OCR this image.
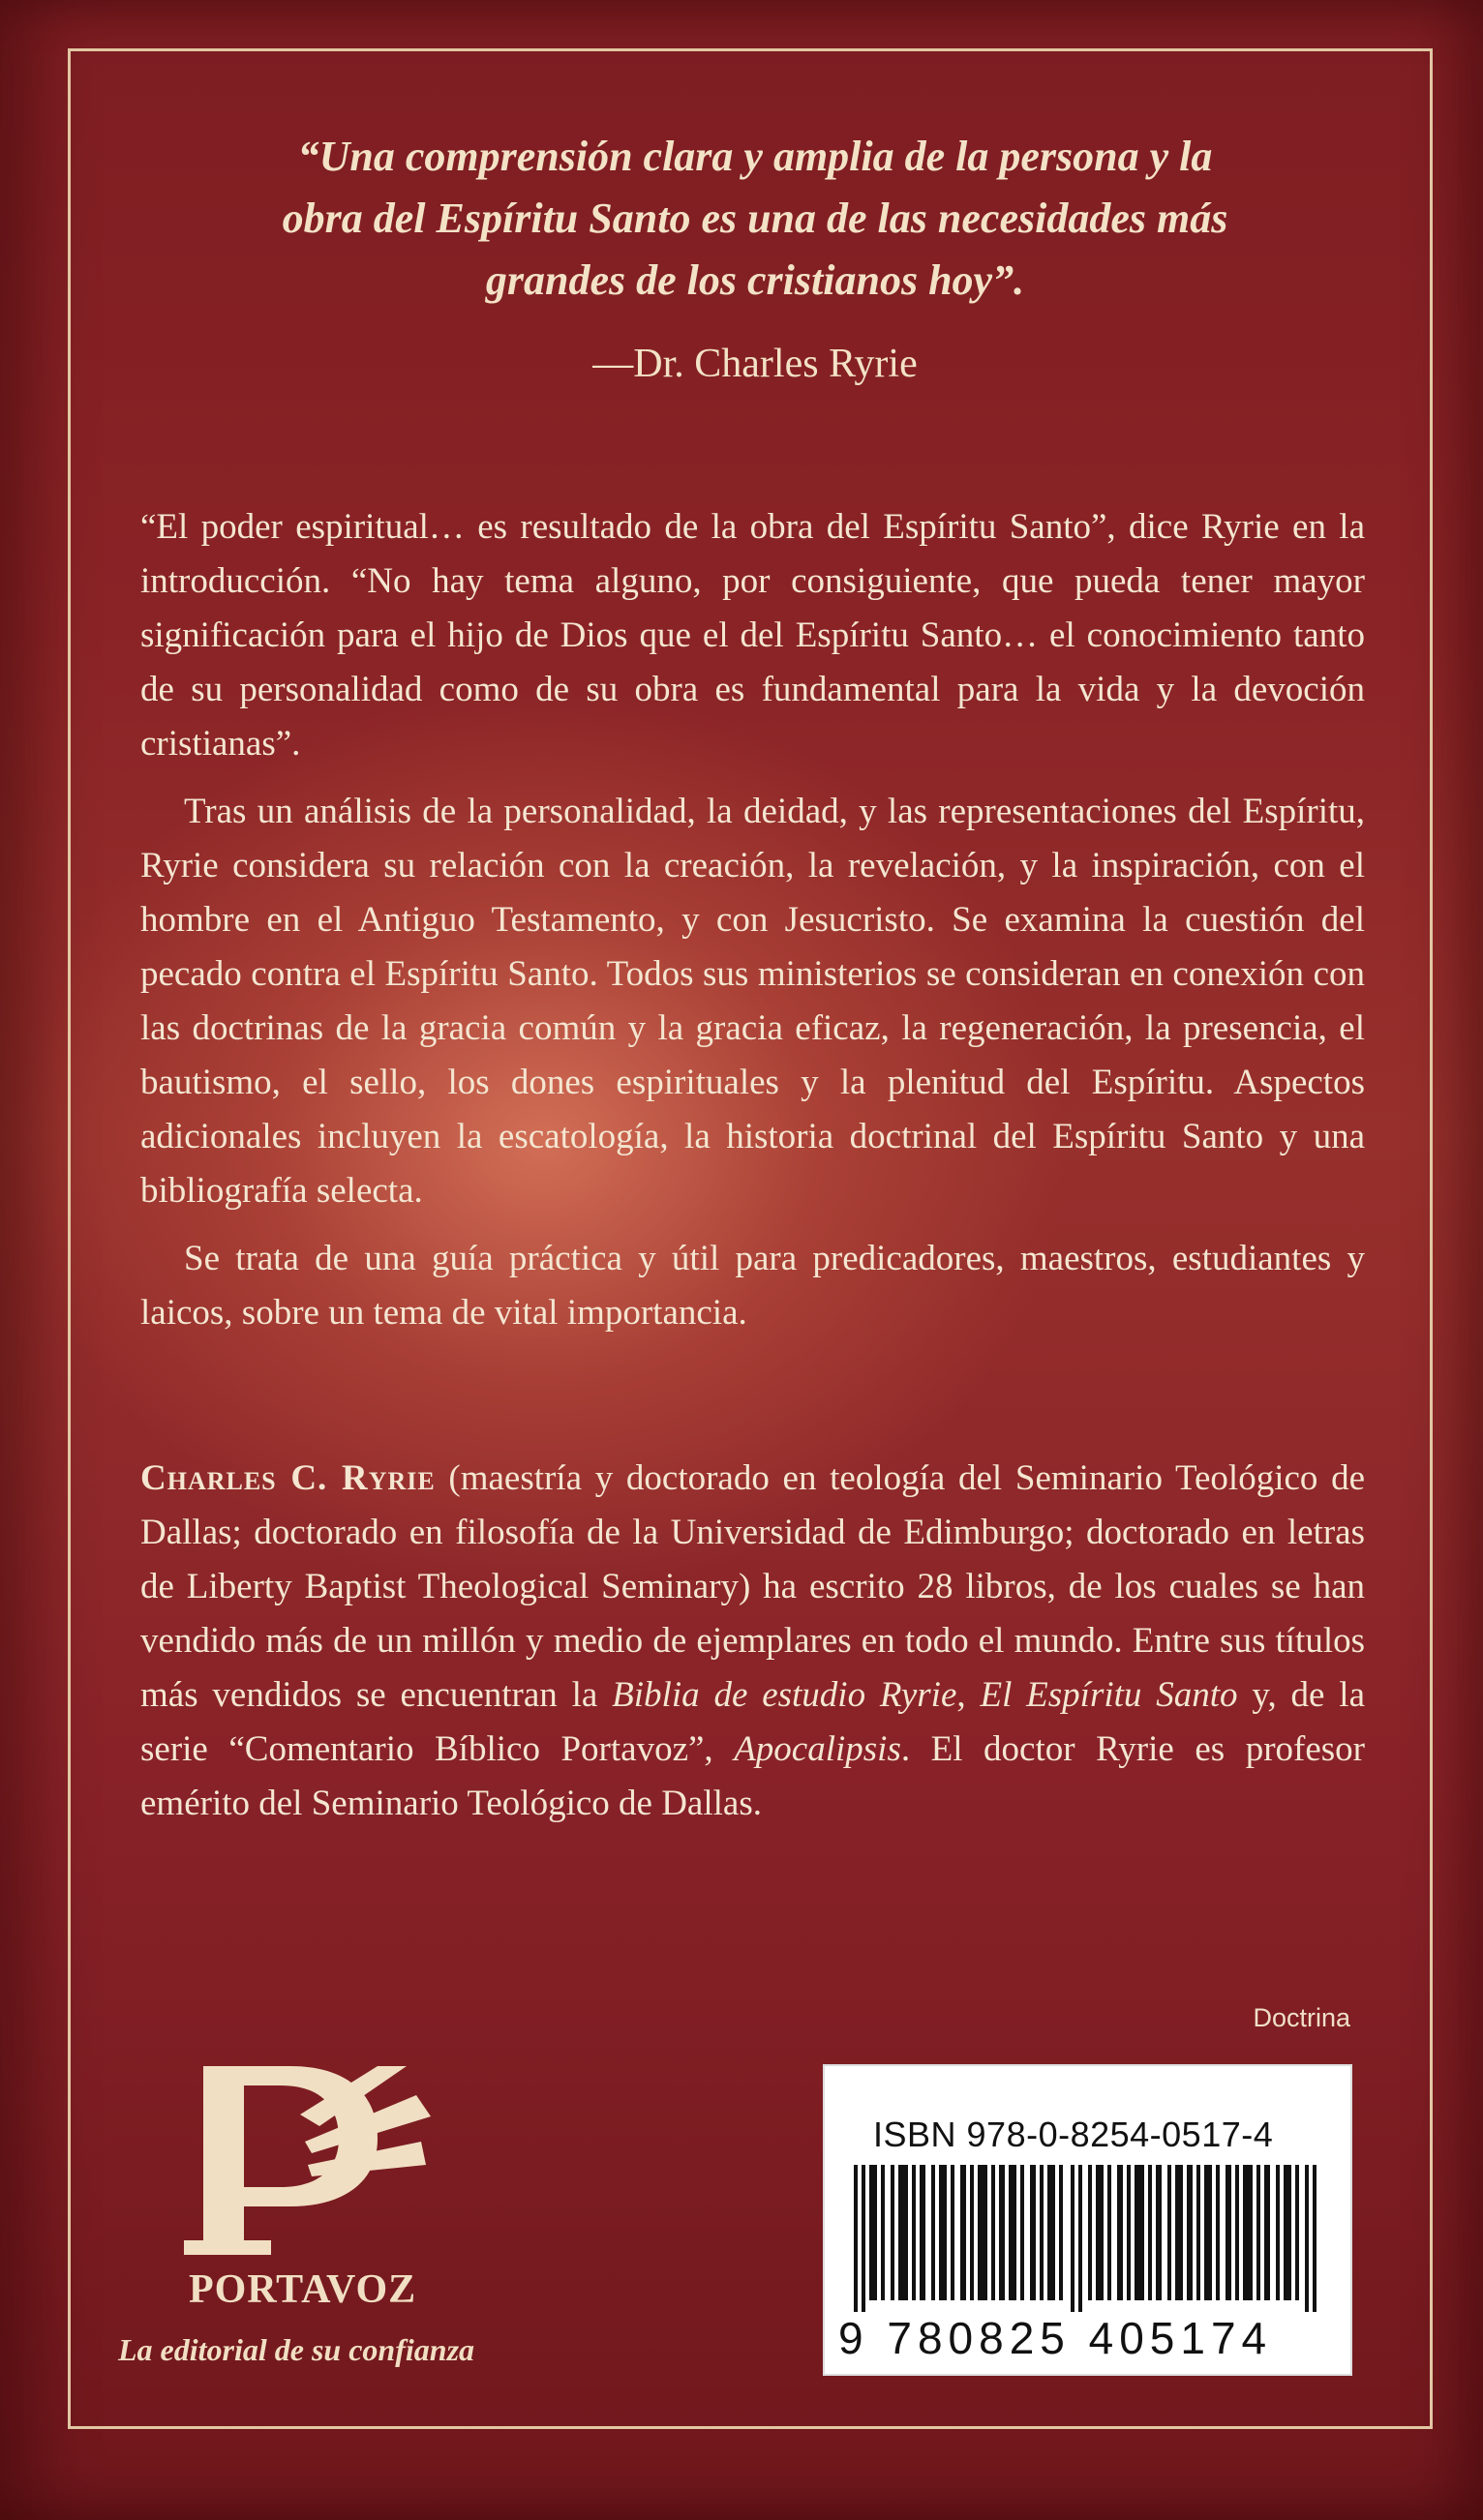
“Una comprensión clara y amplia de la persona y la
obra del Espíritu Santo es una de las necesidades más
grandes de los cristianos hoy”.

—Dr. Charles Ryrie

“El poder espiritual… es resultado de la obra del Espíritu Santo”, dice Ryrie en la introducción. “No hay tema alguno, por consiguiente, que pueda tener mayor significación para el hijo de Dios que el del Espíritu Santo… el conocimiento tanto de su personalidad como de su obra es fundamental para la vida y la devoción cristianas”.

Tras un análisis de la personalidad, la deidad, y las representaciones del Espíritu, Ryrie considera su relación con la creación, la revelación, y la inspiración, con el hombre en el Antiguo Testamento, y con Jesucristo. Se examina la cuestión del pecado contra el Espíritu Santo. Todos sus ministerios se consideran en conexión con las doctrinas de la gracia común y la gracia eficaz, la regeneración, la presencia, el bautismo, el sello, los dones espirituales y la plenitud del Espíritu. Aspectos adicionales incluyen la escatología, la historia doctrinal del Espíritu Santo y una bibliografía selecta.

Se trata de una guía práctica y útil para predicadores, maestros, estudiantes y laicos, sobre un tema de vital importancia.

Charles C. Ryrie (maestría y doctorado en teología del Seminario Teológico de Dallas; doctorado en filosofía de la Universidad de Edimburgo; doctorado en letras de Liberty Baptist Theological Seminary) ha escrito 28 libros, de los cuales se han vendido más de un millón y medio de ejemplares en todo el mundo. Entre sus títulos más vendidos se encuentran la Biblia de estudio Ryrie, El Espíritu Santo y, de la serie “Comentario Bíblico Portavoz”, Apocalipsis. El doctor Ryrie es profesor emérito del Seminario Teológico de Dallas.

Doctrina

ISBN 978-0-8254-0517-4

9 780825 405174

PORTAVOZ

La editorial de su confianza
